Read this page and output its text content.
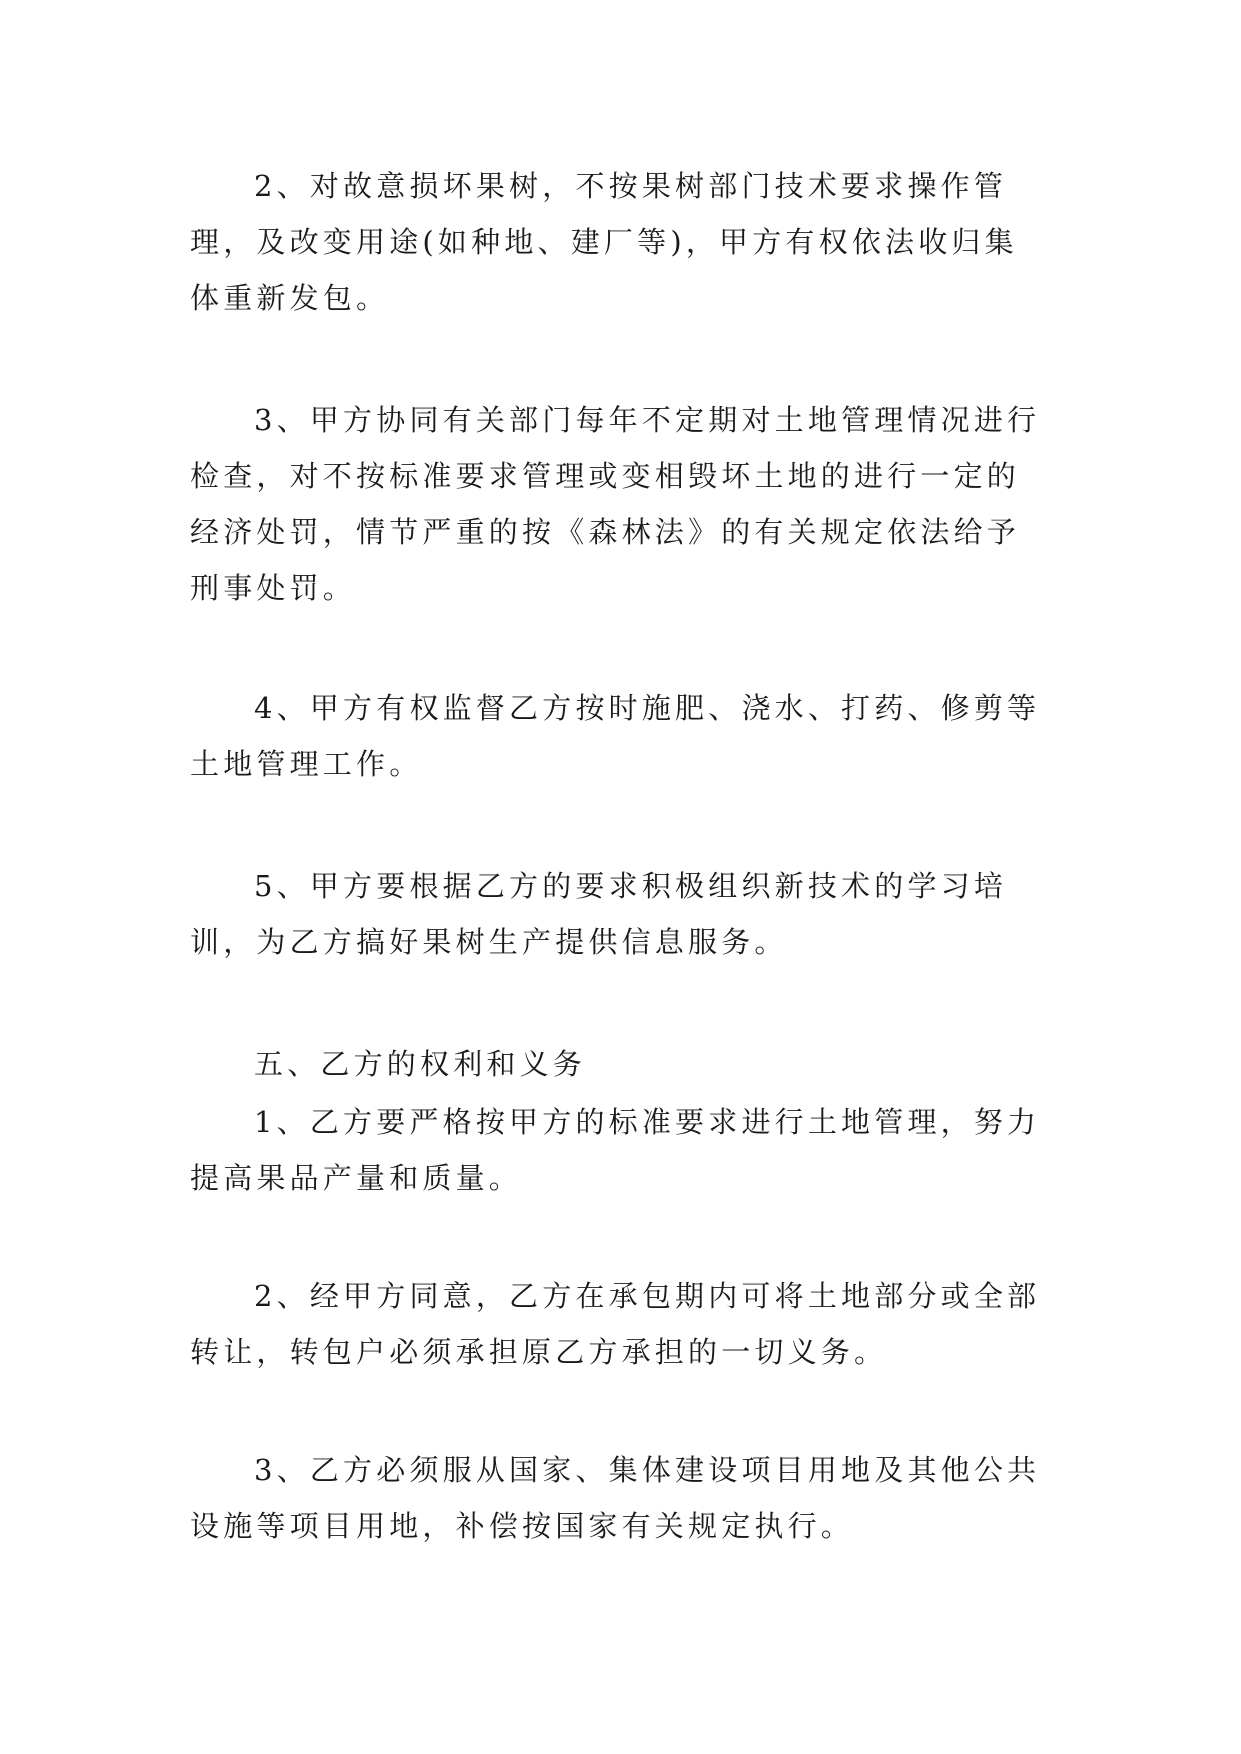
2、对故意损坏果树，不按果树部门技术要求操作管理，及改变用途(如种地、建厂等)，甲方有权依法收归集体重新发包。

3、甲方协同有关部门每年不定期对土地管理情况进行检查，对不按标准要求管理或变相毁坏土地的进行一定的经济处罚，情节严重的按《森林法》的有关规定依法给予刑事处罚。

4、甲方有权监督乙方按时施肥、浇水、打药、修剪等土地管理工作。

5、甲方要根据乙方的要求积极组织新技术的学习培训，为乙方搞好果树生产提供信息服务。

五、乙方的权利和义务

1、乙方要严格按甲方的标准要求进行土地管理，努力提高果品产量和质量。

2、经甲方同意，乙方在承包期内可将土地部分或全部转让，转包户必须承担原乙方承担的一切义务。

3、乙方必须服从国家、集体建设项目用地及其他公共设施等项目用地，补偿按国家有关规定执行。
